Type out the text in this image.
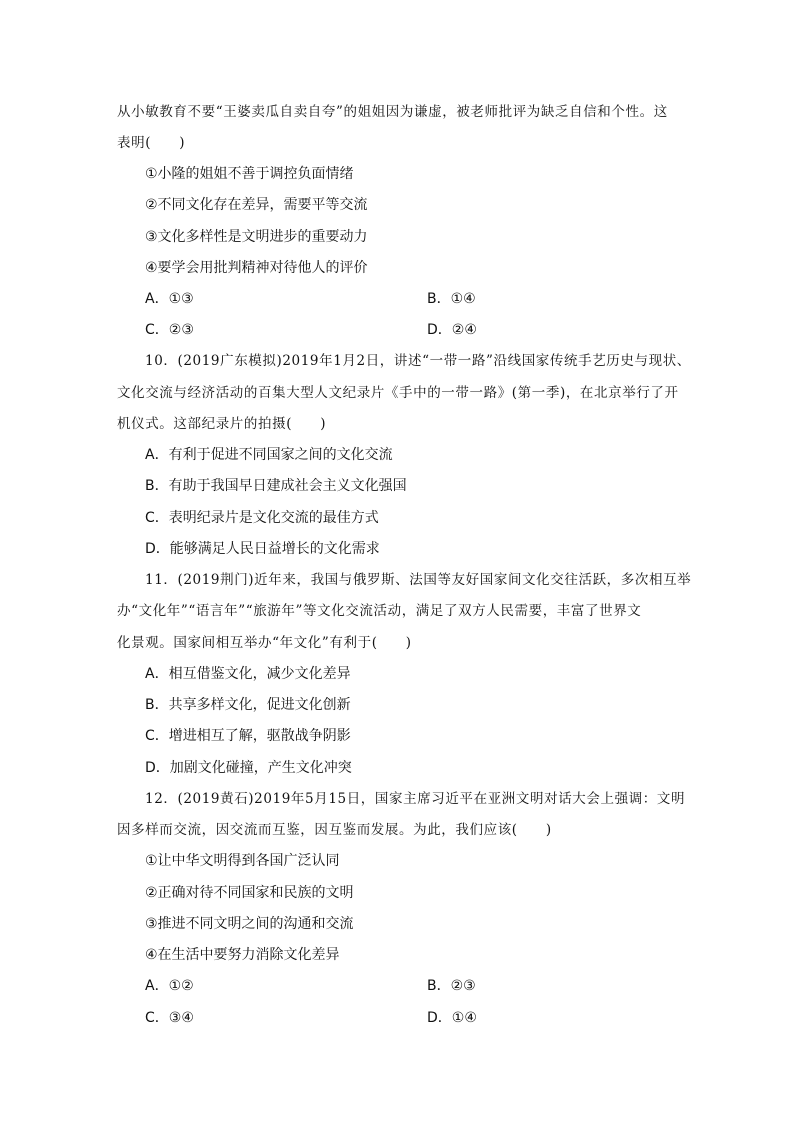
从小敏教育不要“王婆卖瓜自卖自夸”的姐姐因为谦虚，被老师批评为缺乏自信和个性。这
表明(　　)
①小隆的姐姐不善于调控负面情绪
②不同文化存在差异，需要平等交流
③文化多样性是文明进步的重要动力
④要学会用批判精神对待他人的评价
A．①③	B．①④
C．②③	D．②④
10．(2019广东模拟)2019年1月2日，讲述“一带一路”沿线国家传统手艺历史与现状、
文化交流与经济活动的百集大型人文纪录片《手中的一带一路》(第一季)，在北京举行了开
机仪式。这部纪录片的拍摄(　　)
A．有利于促进不同国家之间的文化交流
B．有助于我国早日建成社会主义文化强国
C．表明纪录片是文化交流的最佳方式
D．能够满足人民日益增长的文化需求
11．(2019荆门)近年来，我国与俄罗斯、法国等友好国家间文化交往活跃，多次相互举
办“文化年”“语言年”“旅游年”等文化交流活动，满足了双方人民需要，丰富了世界文
化景观。国家间相互举办“年文化”有利于(　　)
A．相互借鉴文化，减少文化差异
B．共享多样文化，促进文化创新
C．增进相互了解，驱散战争阴影
D．加剧文化碰撞，产生文化冲突
12．(2019黄石)2019年5月15日，国家主席习近平在亚洲文明对话大会上强调：文明
因多样而交流，因交流而互鉴，因互鉴而发展。为此，我们应该(　　)
①让中华文明得到各国广泛认同
②正确对待不同国家和民族的文明
③推进不同文明之间的沟通和交流
④在生活中要努力消除文化差异
A．①②	B．②③
C．③④	D．①④
